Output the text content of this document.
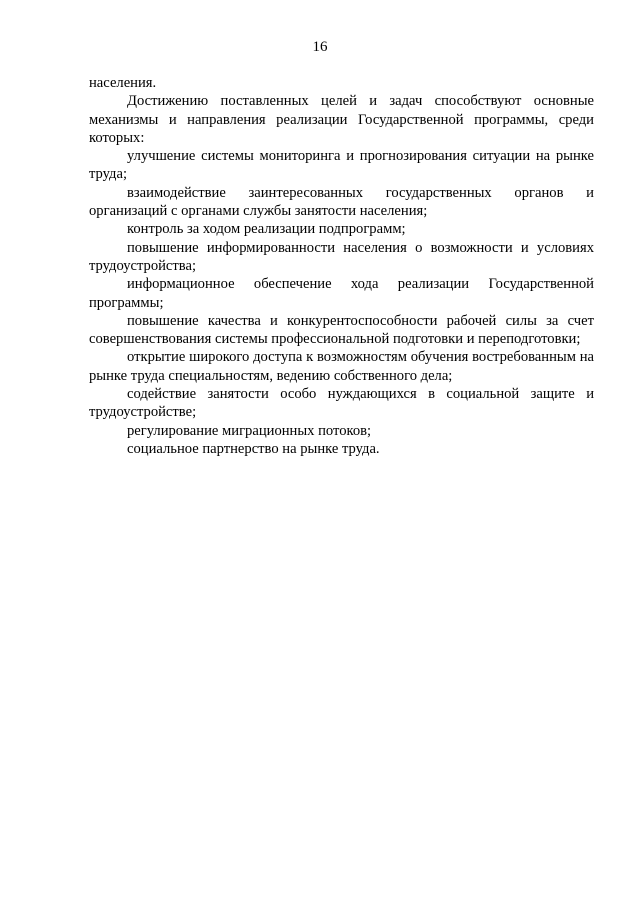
16

населения.

Достижению поставленных целей и задач способствуют основные механизмы и направления реализации Государственной программы, среди которых:

улучшение системы мониторинга и прогнозирования ситуации на рынке труда;

взаимодействие заинтересованных государственных органов и организаций с органами службы занятости населения;

контроль за ходом реализации подпрограмм;

повышение информированности населения о возможности и условиях трудоустройства;

информационное обеспечение хода реализации Государственной программы;

повышение качества и конкурентоспособности рабочей силы за счет совершенствования системы профессиональной подготовки и переподготовки;

открытие широкого доступа к возможностям обучения востребованным на рынке труда специальностям, ведению собственного дела;

содействие занятости особо нуждающихся в социальной защите и трудоустройстве;

регулирование миграционных потоков;

социальное партнерство на рынке труда.
